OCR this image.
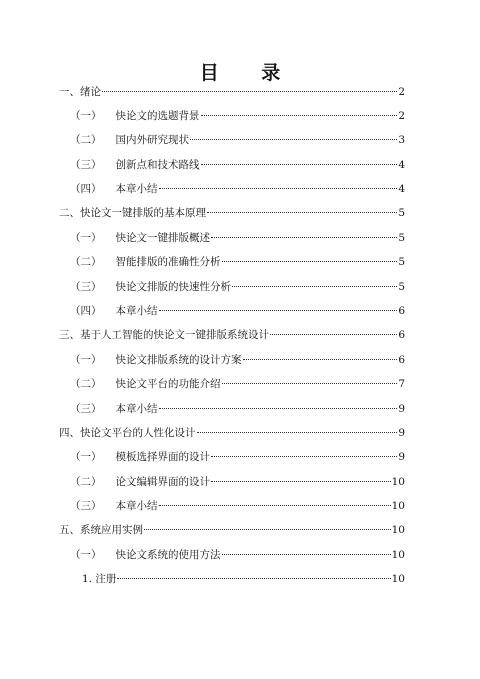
目 录
一、 绪论	2
（一） 快论文的选题背景	2
（二） 国内外研究现状	3
（三） 创新点和技术路线	4
（四） 本章小结	4
二、 快论文一键排版的基本原理	5
（一） 快论文一键排版概述	5
（二） 智能排版的准确性分析	5
（三） 快论文排版的快速性分析	5
（四） 本章小结	6
三、 基于人工智能的快论文一键排版系统设计	6
（一） 快论文排版系统的设计方案	6
（二） 快论文平台的功能介绍	7
（三） 本章小结	9
四、 快论文平台的人性化设计	9
（一） 模板选择界面的设计	9
（二） 论文编辑界面的设计	10
（三） 本章小结	10
五、 系统应用实例	10
（一） 快论文系统的使用方法	10
1. 注册	10
